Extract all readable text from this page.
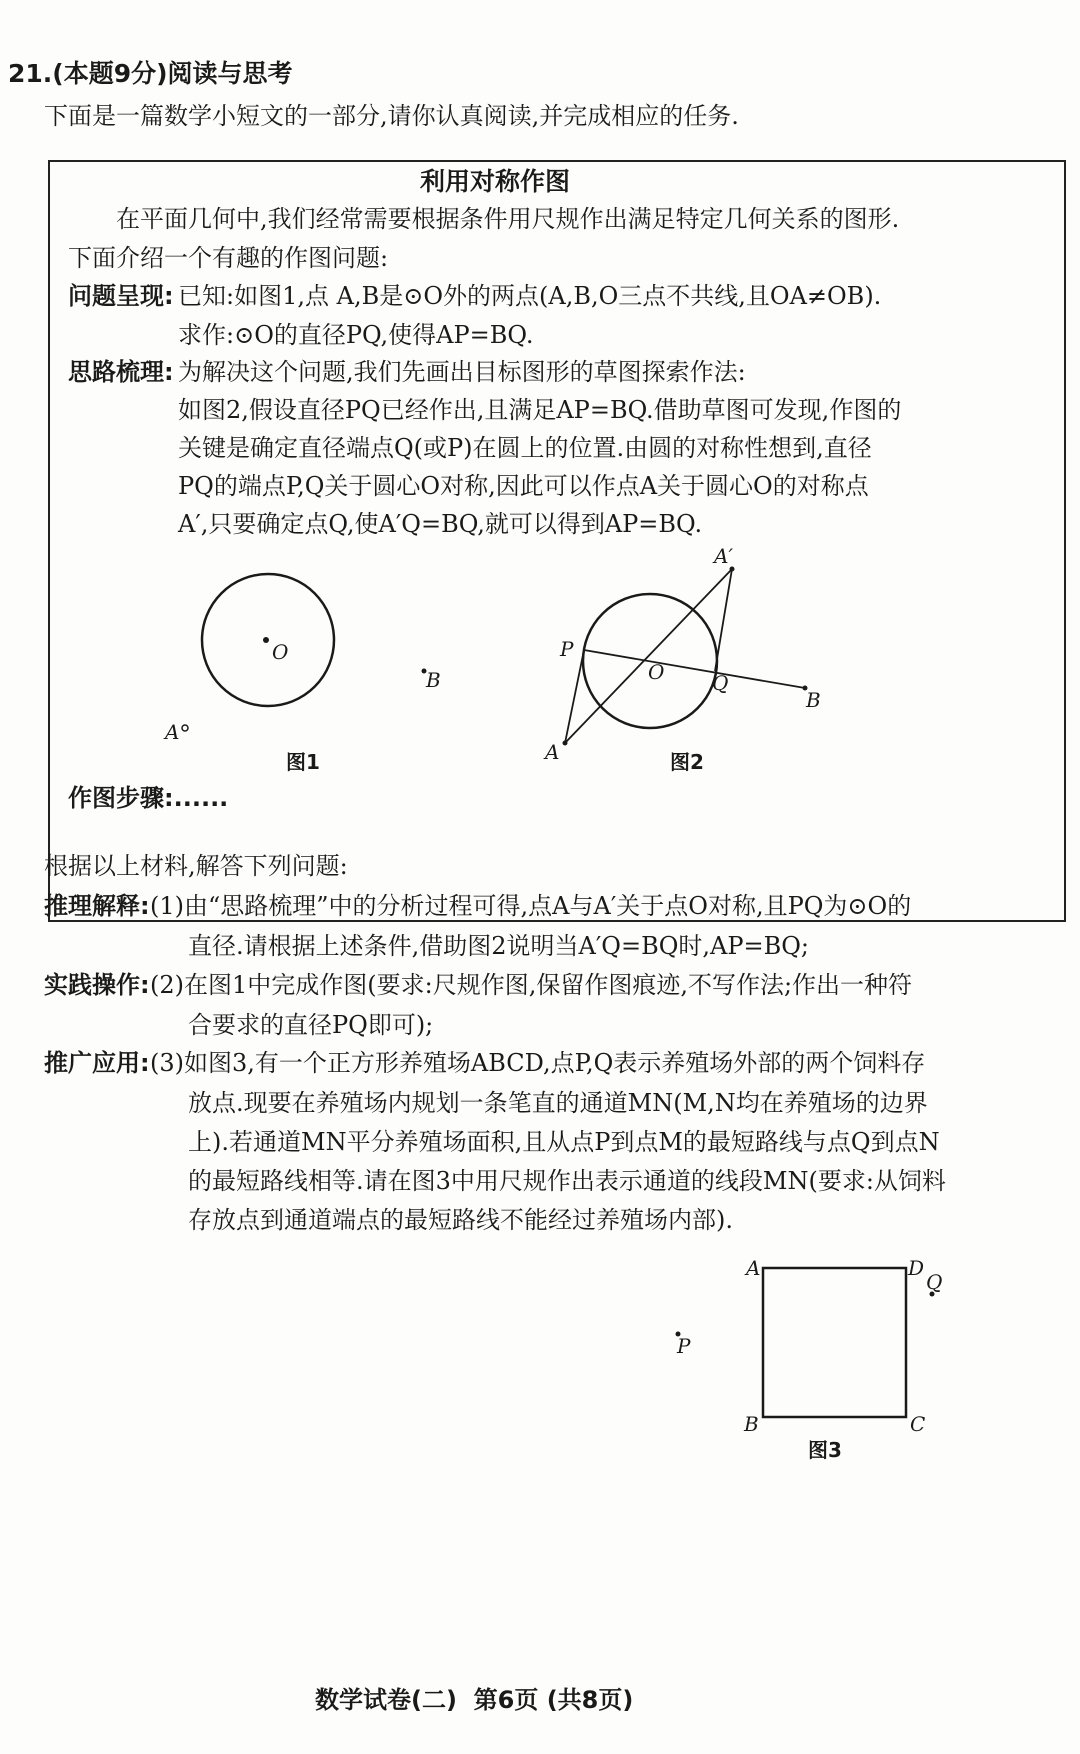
21.(本题9分)阅读与思考
下面是一篇数学小短文的一部分,请你认真阅读,并完成相应的任务.
利用对称作图
在平面几何中,我们经常需要根据条件用尺规作出满足特定几何关系的图形.
下面介绍一个有趣的作图问题:
问题呈现: 已知:如图1,点 A,B是⊙O外的两点(A,B,O三点不共线,且OA≠OB).
求作:⊙O的直径PQ,使得AP=BQ.
思路梳理: 为解决这个问题,我们先画出目标图形的草图探索作法:
如图2,假设直径PQ已经作出,且满足AP=BQ.借助草图可发现,作图的
关键是确定直径端点Q(或P)在圆上的位置.由圆的对称性想到,直径
PQ的端点P,Q关于圆心O对称,因此可以作点A关于圆心O的对称点
A′,只要确定点Q,使A′Q=BQ,就可以得到AP=BQ.
O
B
A
图1
A′
P
O Q
B
A	图2
作图步骤:......
根据以上材料,解答下列问题:
推理解释: (1)由“思路梳理”中的分析过程可得,点A与A′关于点O对称,且PQ为⊙O的
直径.请根据上述条件,借助图2说明当A′Q=BQ时,AP=BQ;
实践操作: (2)在图1中完成作图(要求:尺规作图,保留作图痕迹,不写作法;作出一种符
合要求的直径PQ即可);
推广应用: (3)如图3,有一个正方形养殖场ABCD,点P,Q表示养殖场外部的两个饲料存
放点.现要在养殖场内规划一条笔直的通道MN(M,N均在养殖场的边界
上).若通道MN平分养殖场面积,且从点P到点M的最短路线与点Q到点N
的最短路线相等.请在图3中用尺规作出表示通道的线段MN(要求:从饲料
存放点到通道端点的最短路线不能经过养殖场内部).
A	D
Q
P
B	C
图3
数学试卷(二)  第6页 (共8页)
